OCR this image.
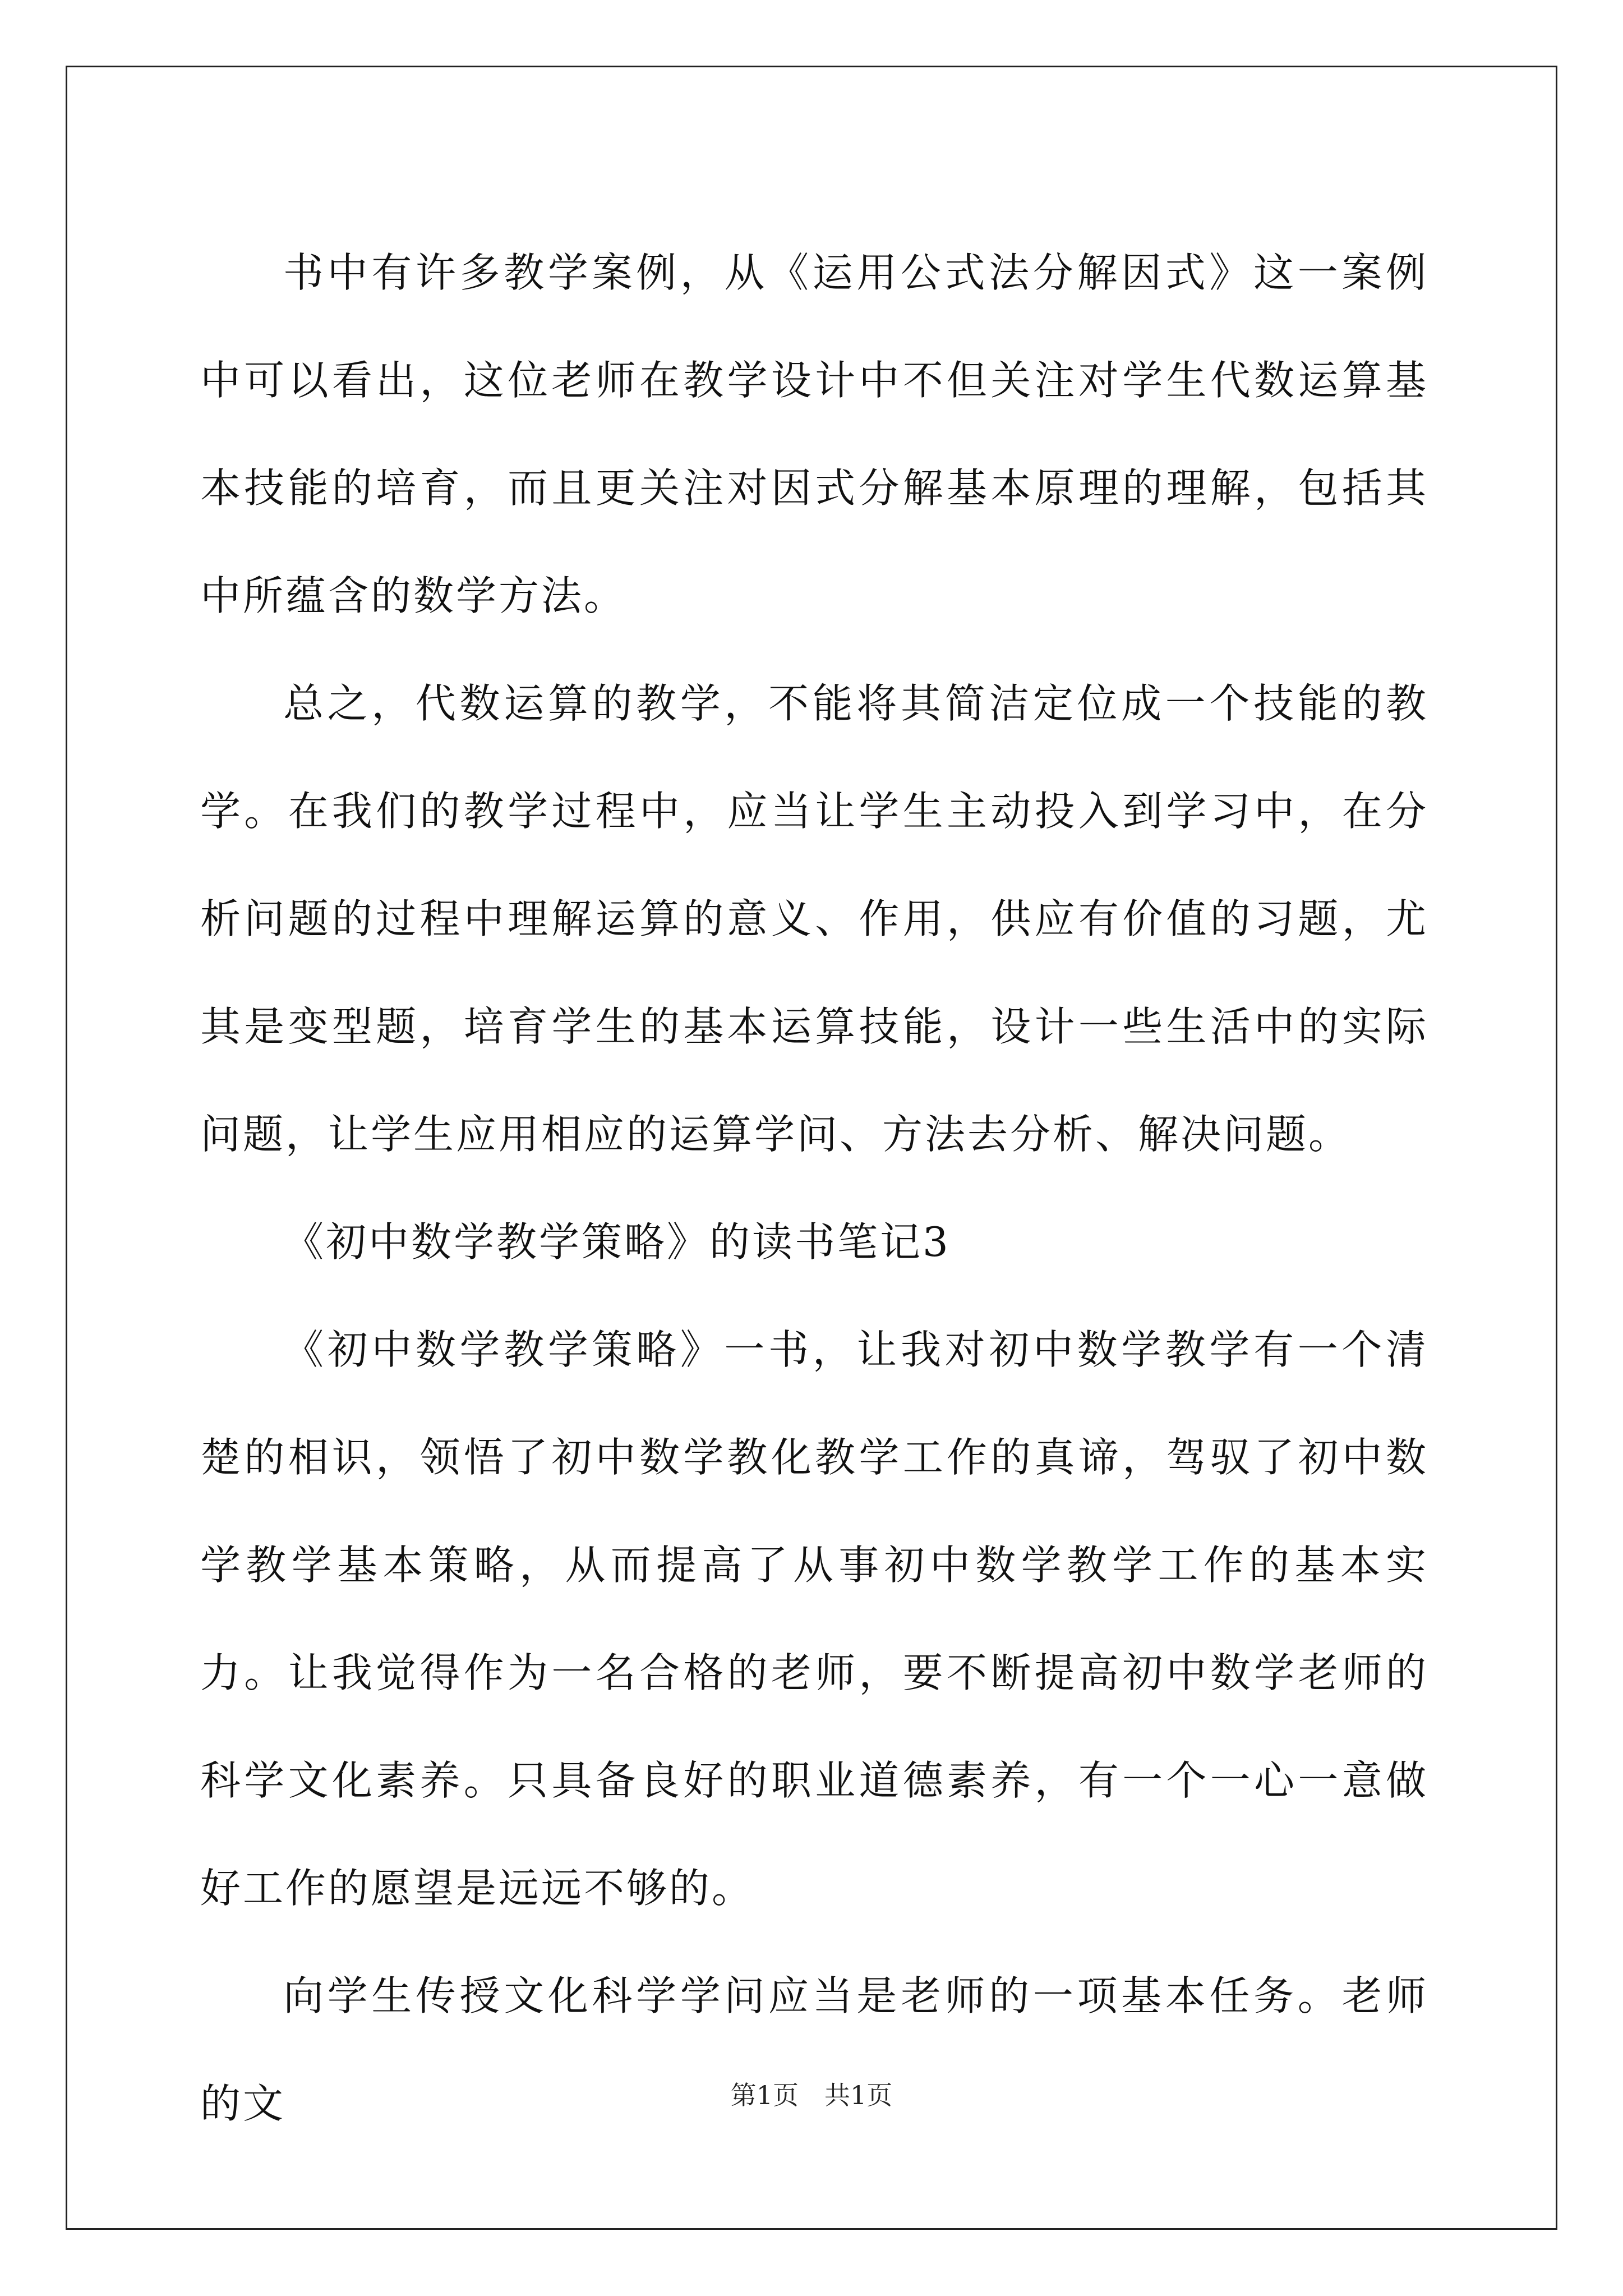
书中有许多教学案例，从《运用公式法分解因式》这一案例中可以看出，这位老师在教学设计中不但关注对学生代数运算基本技能的培育，而且更关注对因式分解基本原理的理解，包括其中所蕴含的数学方法。

总之，代数运算的教学，不能将其简洁定位成一个技能的教学。在我们的教学过程中，应当让学生主动投入到学习中，在分析问题的过程中理解运算的意义、作用，供应有价值的习题，尤其是变型题，培育学生的基本运算技能，设计一些生活中的实际问题，让学生应用相应的运算学问、方法去分析、解决问题。

《初中数学教学策略》的读书笔记3

《初中数学教学策略》一书，让我对初中数学教学有一个清楚的相识，领悟了初中数学教化教学工作的真谛，驾驭了初中数学教学基本策略，从而提高了从事初中数学教学工作的基本实力。让我觉得作为一名合格的老师，要不断提高初中数学老师的科学文化素养。只具备良好的职业道德素养，有一个一心一意做好工作的愿望是远远不够的。

向学生传授文化科学学问应当是老师的一项基本任务。老师的文	第1页　共1页
